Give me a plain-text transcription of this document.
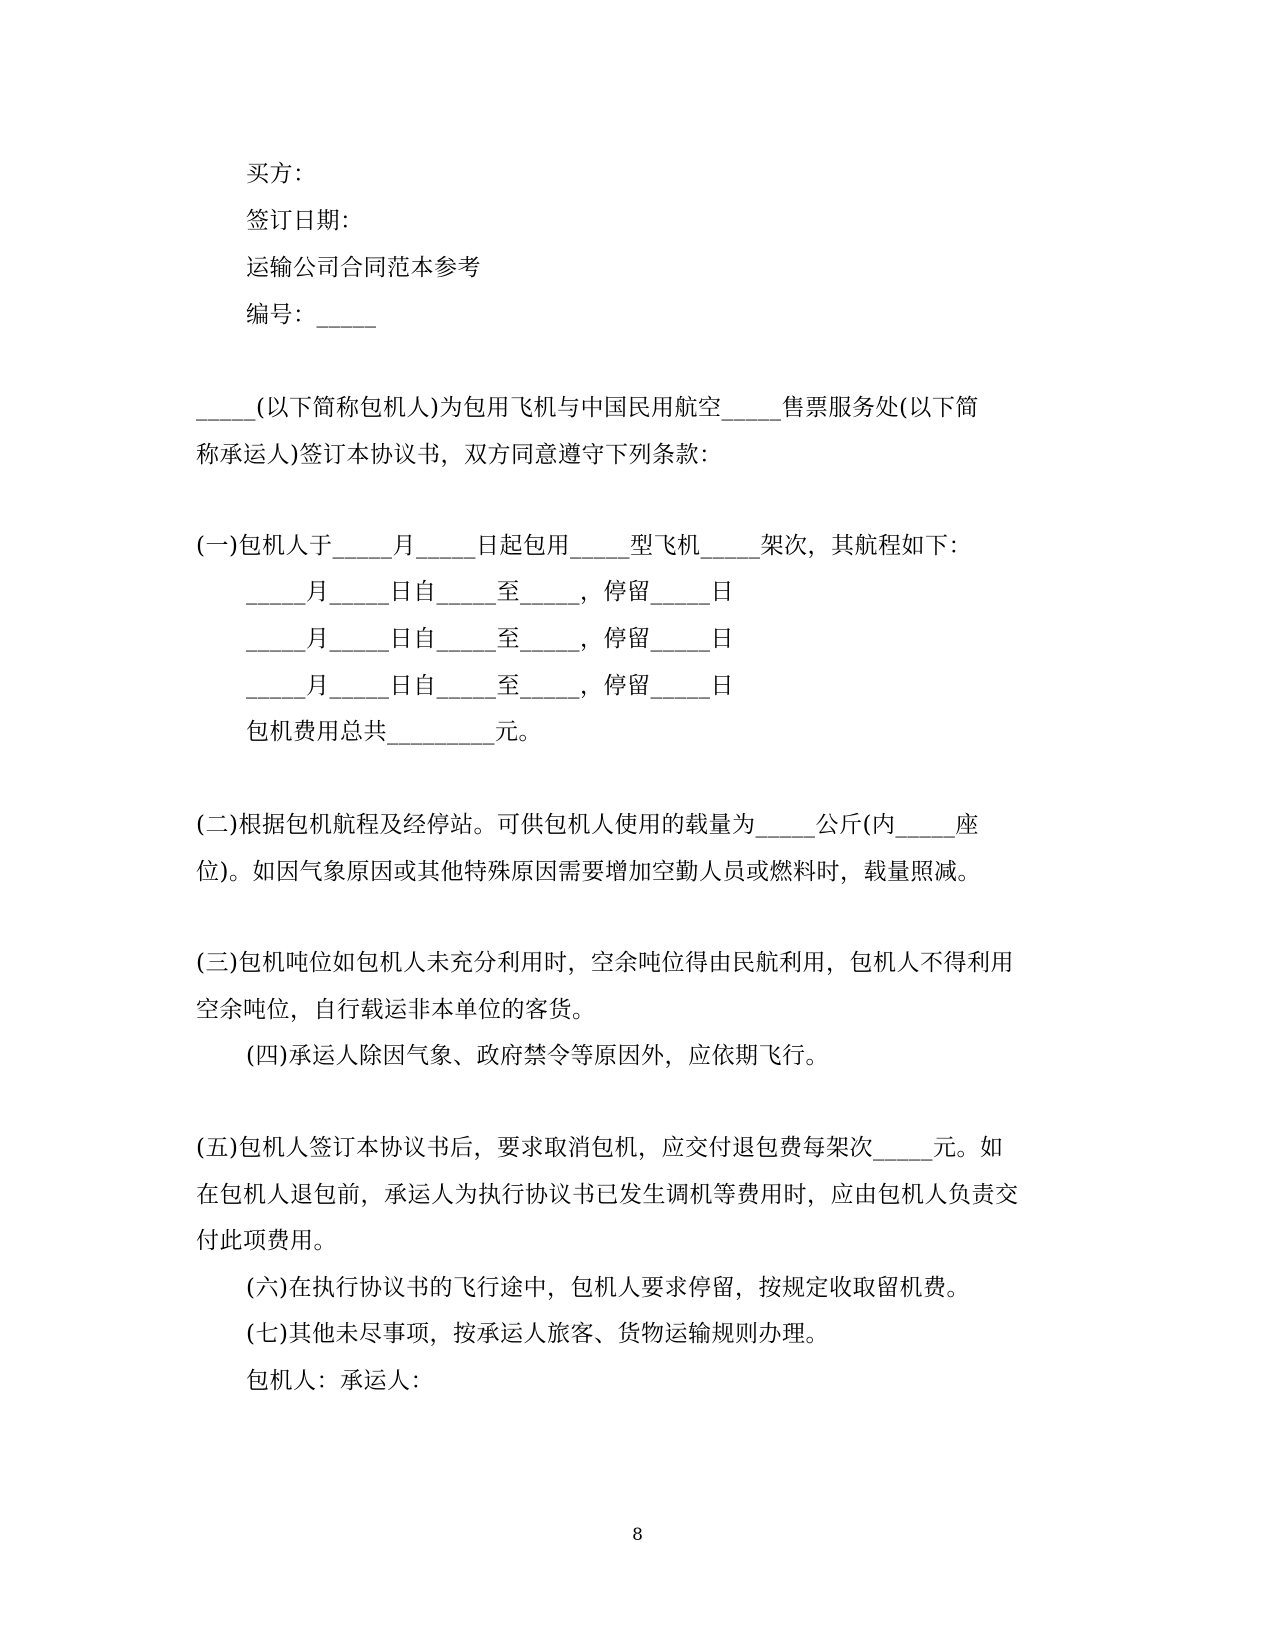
买方：
签订日期：
运输公司合同范本参考
编号：_____
_____(以下简称包机人)为包用飞机与中国民用航空_____售票服务处(以下简
称承运人)签订本协议书，双方同意遵守下列条款：
(一)包机人于_____月_____日起包用_____型飞机_____架次，其航程如下：
_____月_____日自_____至_____，停留_____日
_____月_____日自_____至_____，停留_____日
_____月_____日自_____至_____，停留_____日
包机费用总共_________元。
(二)根据包机航程及经停站。可供包机人使用的载量为_____公斤(内_____座
位)。如因气象原因或其他特殊原因需要增加空勤人员或燃料时，载量照减。
(三)包机吨位如包机人未充分利用时，空余吨位得由民航利用，包机人不得利用
空余吨位，自行载运非本单位的客货。
(四)承运人除因气象、政府禁令等原因外，应依期飞行。
(五)包机人签订本协议书后，要求取消包机，应交付退包费每架次_____元。如
在包机人退包前，承运人为执行协议书已发生调机等费用时，应由包机人负责交
付此项费用。
(六)在执行协议书的飞行途中，包机人要求停留，按规定收取留机费。
(七)其他未尽事项，按承运人旅客、货物运输规则办理。
包机人：承运人：
8
